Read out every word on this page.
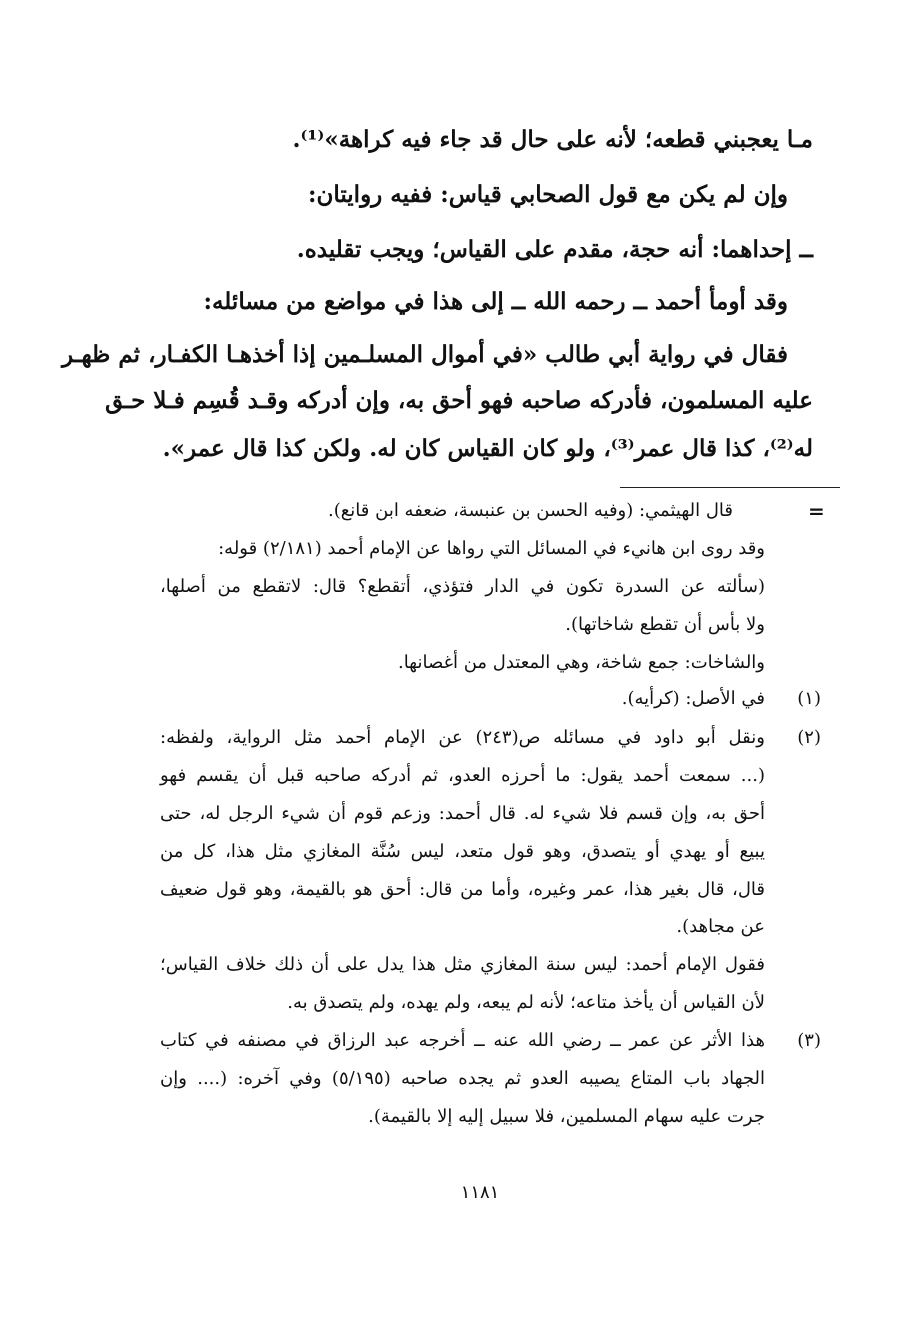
مـا يعجبني قطعه؛ لأنه على حال قد جاء فيه كراهة»⁽¹⁾.
وإن لم يكن مع قول الصحابي قياس: ففيه روايتان:
ــ إحداهما: أنه حجة، مقدم على القياس؛ ويجب تقليده.
وقد أومأ أحمد ــ رحمه الله ــ إلى هذا في مواضع من مسائله:
فقال في رواية أبي طالب «في أموال المسلـمين إذا أخذهـا الكفـار، ثم ظهـر
عليه المسلمون، فأدركه صاحبه فهو أحق به، وإن أدركه وقـد قُسِم فـلا حـق
له⁽²⁾، كذا قال عمر⁽³⁾، ولو كان القياس كان له. ولكن كذا قال عمر».
=
قال الهيثمي: (وفيه الحسن بن عنبسة، ضعفه ابن قانع).
وقد روى ابن هانيء في المسائل التي رواها عن الإمام أحمد (٢/١٨١) قوله:
(سألته عن السدرة تكون في الدار فتؤذي، أتقطع؟ قال: لاتقطع من أصلها،
ولا بأس أن تقطع شاخاتها).
والشاخات: جمع شاخة، وهي المعتدل من أغصانها.
(١)
في الأصل: (كرأيه).
(٢)
ونقل أبو داود في مسائله ص(٢٤٣) عن الإمام أحمد مثل الرواية، ولفظه:
(... سمعت أحمد يقول: ما أحرزه العدو، ثم أدركه صاحبه قبل أن يقسم فهو
أحق به، وإن قسم فلا شيء له. قال أحمد: وزعم قوم أن شيء الرجل له، حتى
يبيع أو يهدي أو يتصدق، وهو قول متعد، ليس سُنَّة المغازي مثل هذا، كل من
قال، قال بغير هذا، عمر وغيره، وأما من قال: أحق هو بالقيمة، وهو قول ضعيف
عن مجاهد).
فقول الإمام أحمد: ليس سنة المغازي مثل هذا يدل على أن ذلك خلاف القياس؛
لأن القياس أن يأخذ متاعه؛ لأنه لم يبعه، ولم يهده، ولم يتصدق به.
(٣)
هذا الأثر عن عمر ــ رضي الله عنه ــ أخرجه عبد الرزاق في مصنفه في كتاب
الجهاد باب المتاع يصيبه العدو ثم يجده صاحبه (٥/١٩٥) وفي آخره: (.... وإن
جرت عليه سهام المسلمين، فلا سبيل إليه إلا بالقيمة).
١١٨١
